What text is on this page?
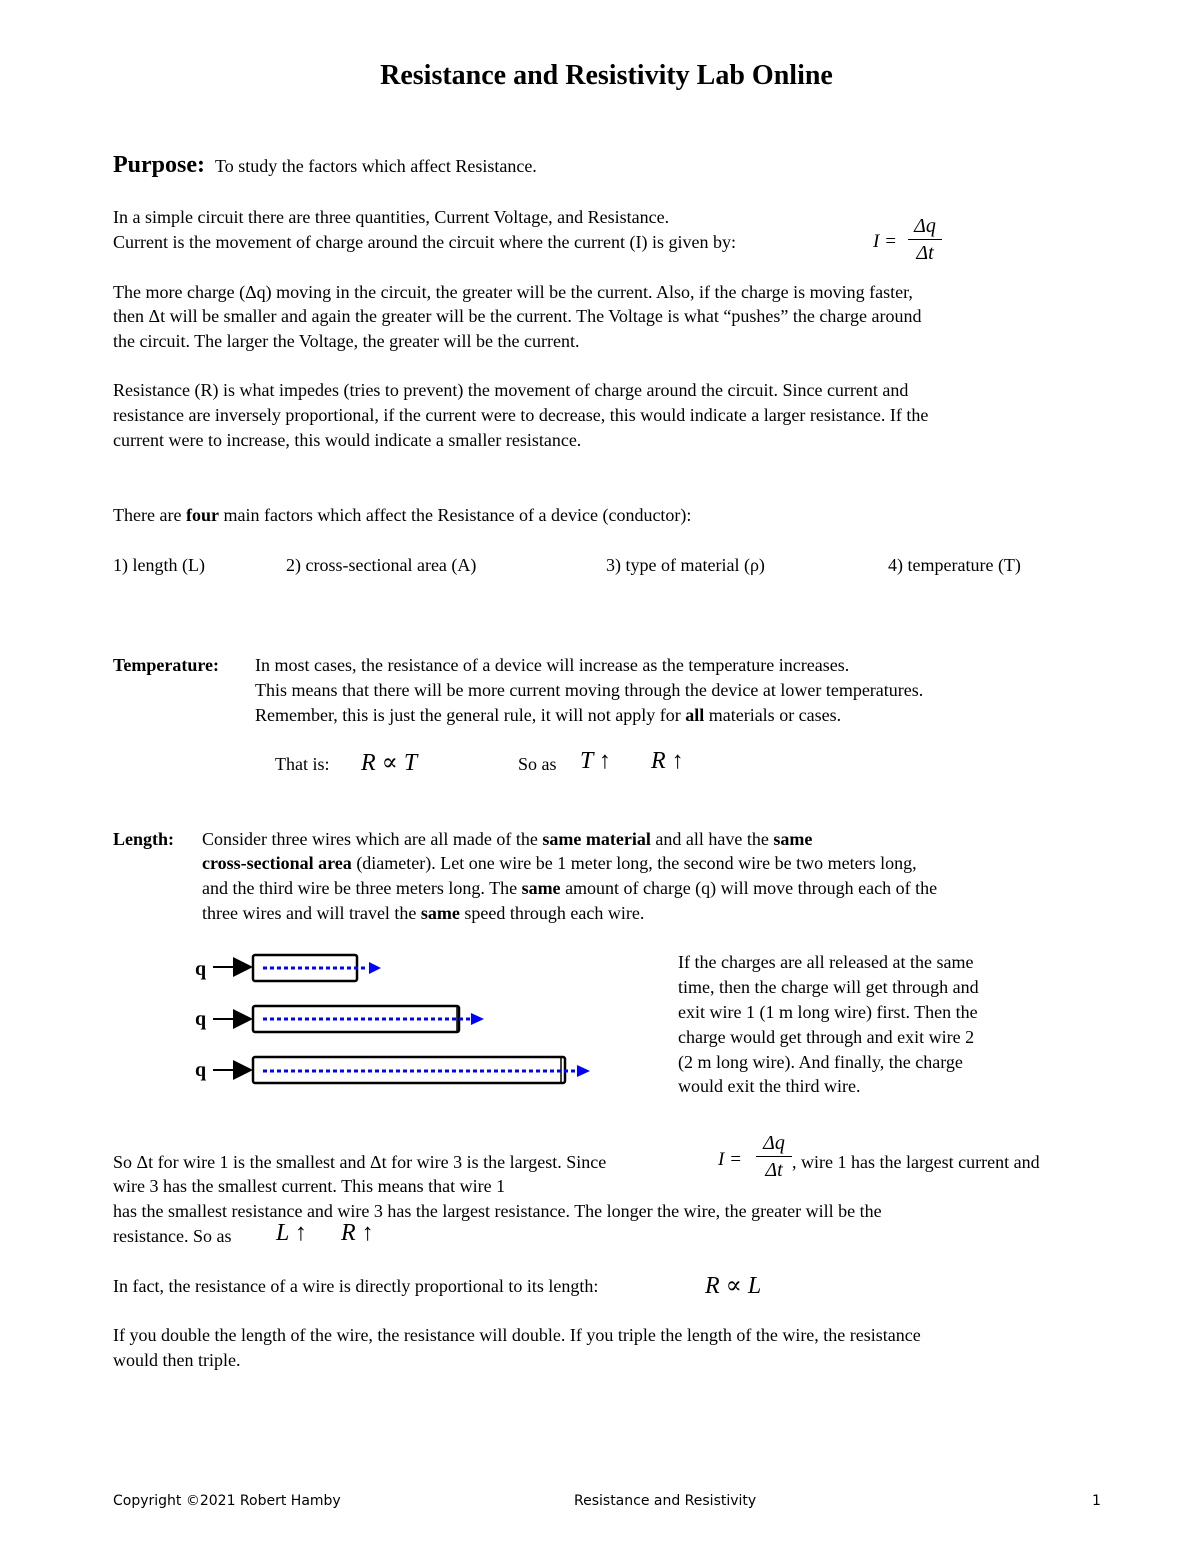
Resistance and Resistivity Lab Online
Purpose: To study the factors which affect Resistance.
In a simple circuit there are three quantities, Current Voltage, and Resistance.
Current is the movement of charge around the circuit where the current (I) is given by:	I =
Δq
Δt
The more charge (Δq) moving in the circuit, the greater will be the current. Also, if the charge is moving faster,
then Δt will be smaller and again the greater will be the current. The Voltage is what “pushes” the charge around
the circuit. The larger the Voltage, the greater will be the current.
Resistance (R) is what impedes (tries to prevent) the movement of charge around the circuit. Since current and
resistance are inversely proportional, if the current were to decrease, this would indicate a larger resistance. If the
current were to increase, this would indicate a smaller resistance.
There are four main factors which affect the Resistance of a device (conductor):
1) length (L)	2) cross-sectional area (A)	3) type of material (ρ)	4) temperature (T)
Temperature: In most cases, the resistance of a device will increase as the temperature increases.
This means that there will be more current moving through the device at lower temperatures.
Remember, this is just the general rule, it will not apply for all materials or cases.
That is: R ∝ T	So as T ↑ R ↑
Length: Consider three wires which are all made of the same material and all have the same
cross-sectional area (diameter). Let one wire be 1 meter long, the second wire be two meters long,
and the third wire be three meters long. The same amount of charge (q) will move through each of the
three wires and will travel the same speed through each wire.
q
q
q
If the charges are all released at the same
time, then the charge will get through and
exit wire 1 (1 m long wire) first. Then the
charge would get through and exit wire 2
(2 m long wire). And finally, the charge
would exit the third wire.
So Δt for wire 1 is the smallest and Δt for wire 3 is the largest. Since	I =
Δq
Δt , wire 1 has the largest current and
wire 3 has the smallest current. This means that wire 1
has the smallest resistance and wire 3 has the largest resistance. The longer the wire, the greater will be the
resistance. So as L ↑ R ↑
In fact, the resistance of a wire is directly proportional to its length:	R ∝ L
If you double the length of the wire, the resistance will double. If you triple the length of the wire, the resistance
would then triple.
Copyright ©2021 Robert Hamby	Resistance and Resistivity	1
